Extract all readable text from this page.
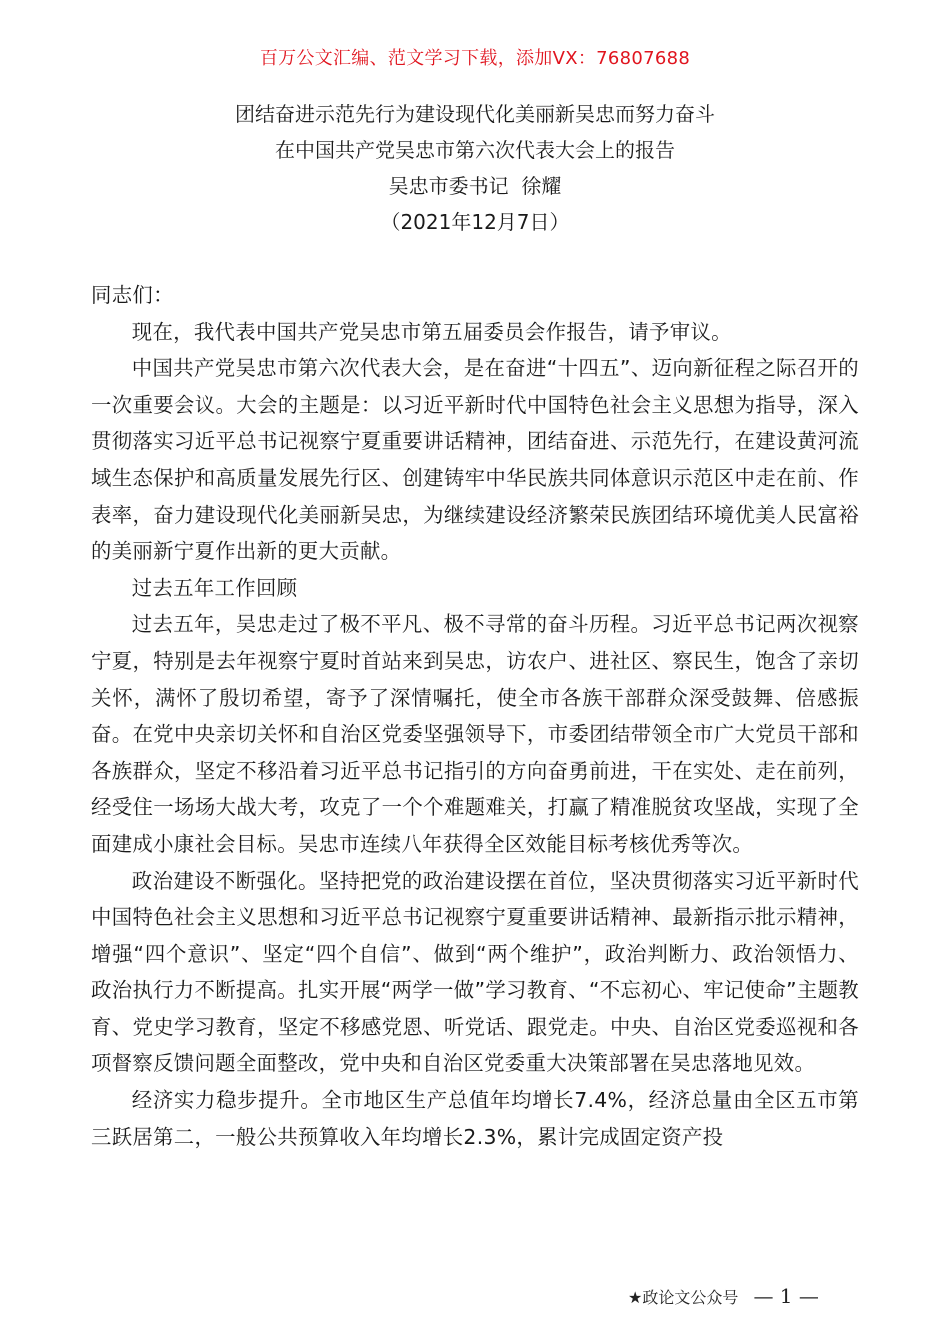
百万公文汇编、范文学习下载，添加VX：76807688
团结奋进示范先行为建设现代化美丽新吴忠而努力奋斗
在中国共产党吴忠市第六次代表大会上的报告
吴忠市委书记  徐耀
（2021年12月7日）

同志们：

现在，我代表中国共产党吴忠市第五届委员会作报告，请予审议。

中国共产党吴忠市第六次代表大会，是在奋进“十四五”、迈向新征程之际召开的一次重要会议。大会的主题是：以习近平新时代中国特色社会主义思想为指导，深入贯彻落实习近平总书记视察宁夏重要讲话精神，团结奋进、示范先行，在建设黄河流域生态保护和高质量发展先行区、创建铸牢中华民族共同体意识示范区中走在前、作表率，奋力建设现代化美丽新吴忠，为继续建设经济繁荣民族团结环境优美人民富裕的美丽新宁夏作出新的更大贡献。

过去五年工作回顾

过去五年，吴忠走过了极不平凡、极不寻常的奋斗历程。习近平总书记两次视察宁夏，特别是去年视察宁夏时首站来到吴忠，访农户、进社区、察民生，饱含了亲切关怀，满怀了殷切希望，寄予了深情嘱托，使全市各族干部群众深受鼓舞、倍感振奋。在党中央亲切关怀和自治区党委坚强领导下，市委团结带领全市广大党员干部和各族群众，坚定不移沿着习近平总书记指引的方向奋勇前进，干在实处、走在前列，经受住一场场大战大考，攻克了一个个难题难关，打赢了精准脱贫攻坚战，实现了全面建成小康社会目标。吴忠市连续八年获得全区效能目标考核优秀等次。

政治建设不断强化。坚持把党的政治建设摆在首位，坚决贯彻落实习近平新时代中国特色社会主义思想和习近平总书记视察宁夏重要讲话精神、最新指示批示精神，增强“四个意识”、坚定“四个自信”、做到“两个维护”，政治判断力、政治领悟力、政治执行力不断提高。扎实开展“两学一做”学习教育、“不忘初心、牢记使命”主题教育、党史学习教育，坚定不移感党恩、听党话、跟党走。中央、自治区党委巡视和各项督察反馈问题全面整改，党中央和自治区党委重大决策部署在吴忠落地见效。

经济实力稳步提升。全市地区生产总值年均增长7.4%，经济总量由全区五市第三跃居第二，一般公共预算收入年均增长2.3%，累计完成固定资产投

★政论文公众号 — 1 —
